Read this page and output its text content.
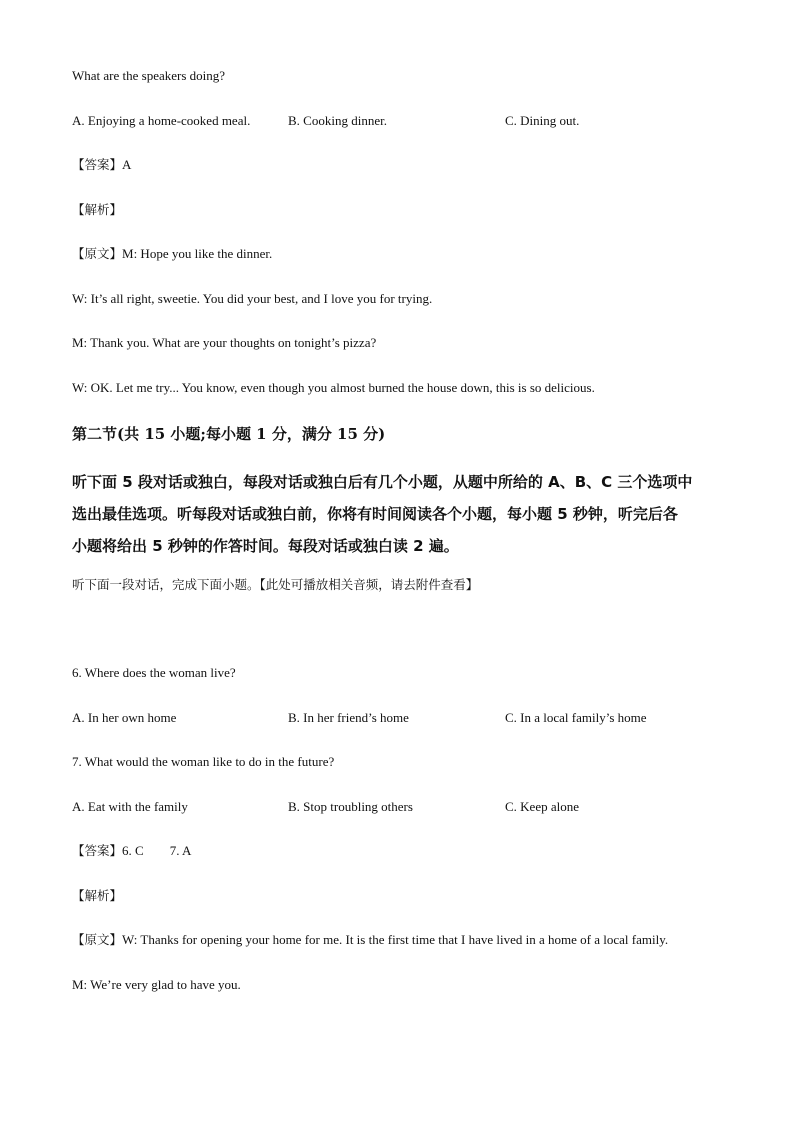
What are the speakers doing?
A. Enjoying a home-cooked meal.	B. Cooking dinner.	C. Dining out.
【答案】A
【解析】
【原文】M: Hope you like the dinner.
W: It’s all right, sweetie. You did your best, and I love you for trying.
M: Thank you. What are your thoughts on tonight’s pizza?
W: OK. Let me try... You know, even though you almost burned the house down, this is so delicious.
第二节(共 15 小题;每小题 1 分，满分 15 分)
听下面 5 段对话或独白，每段对话或独白后有几个小题，从题中所给的 A、B、C 三个选项中
选出最佳选项。听每段对话或独白前，你将有时间阅读各个小题，每小题 5 秒钟，听完后各
小题将给出 5 秒钟的作答时间。每段对话或独白读 2 遍。
听下面一段对话，完成下面小题。【此处可播放相关音频，请去附件查看】
6. Where does the woman live?
A. In her own home	B. In her friend’s home	C. In a local family’s home
7. What would the woman like to do in the future?
A. Eat with the family	B. Stop troubling others	C. Keep alone
【答案】6. C 7. A
【解析】
【原文】W: Thanks for opening your home for me. It is the first time that I have lived in a home of a local family.
M: We’re very glad to have you.
